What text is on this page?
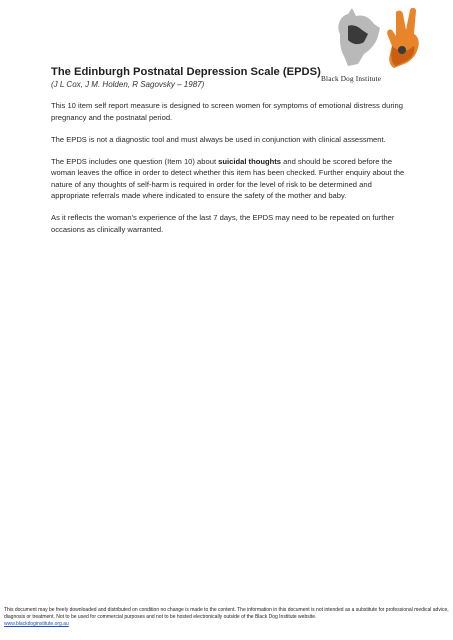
Black Dog Institute
The Edinburgh Postnatal Depression Scale (EPDS)

(J L Cox, J M. Holden, R Sagovsky – 1987)

This 10 item self report measure is designed to screen women for symptoms of emotional distress during pregnancy and the postnatal period.

The EPDS is not a diagnostic tool and must always be used in conjunction with clinical assessment.

The EPDS includes one question (Item 10) about suicidal thoughts and should be scored before the woman leaves the office in order to detect whether this item has been checked. Further enquiry about the nature of any thoughts of self-harm is required in order for the level of risk to be determined and appropriate referrals made where indicated to ensure the safety of the mother and baby.

As it reflects the woman's experience of the last 7 days, the EPDS may need to be repeated on further occasions as clinically warranted.

This document may be freely downloaded and distributed on condition no change is made to the content. The information in this document is not intended as a substitute for professional medical advice, diagnosis or treatment. Not to be used for commercial purposes and not to be hosted electronically outside of the Black Dog Institute website.
www.blackdoginstitute.org.au
